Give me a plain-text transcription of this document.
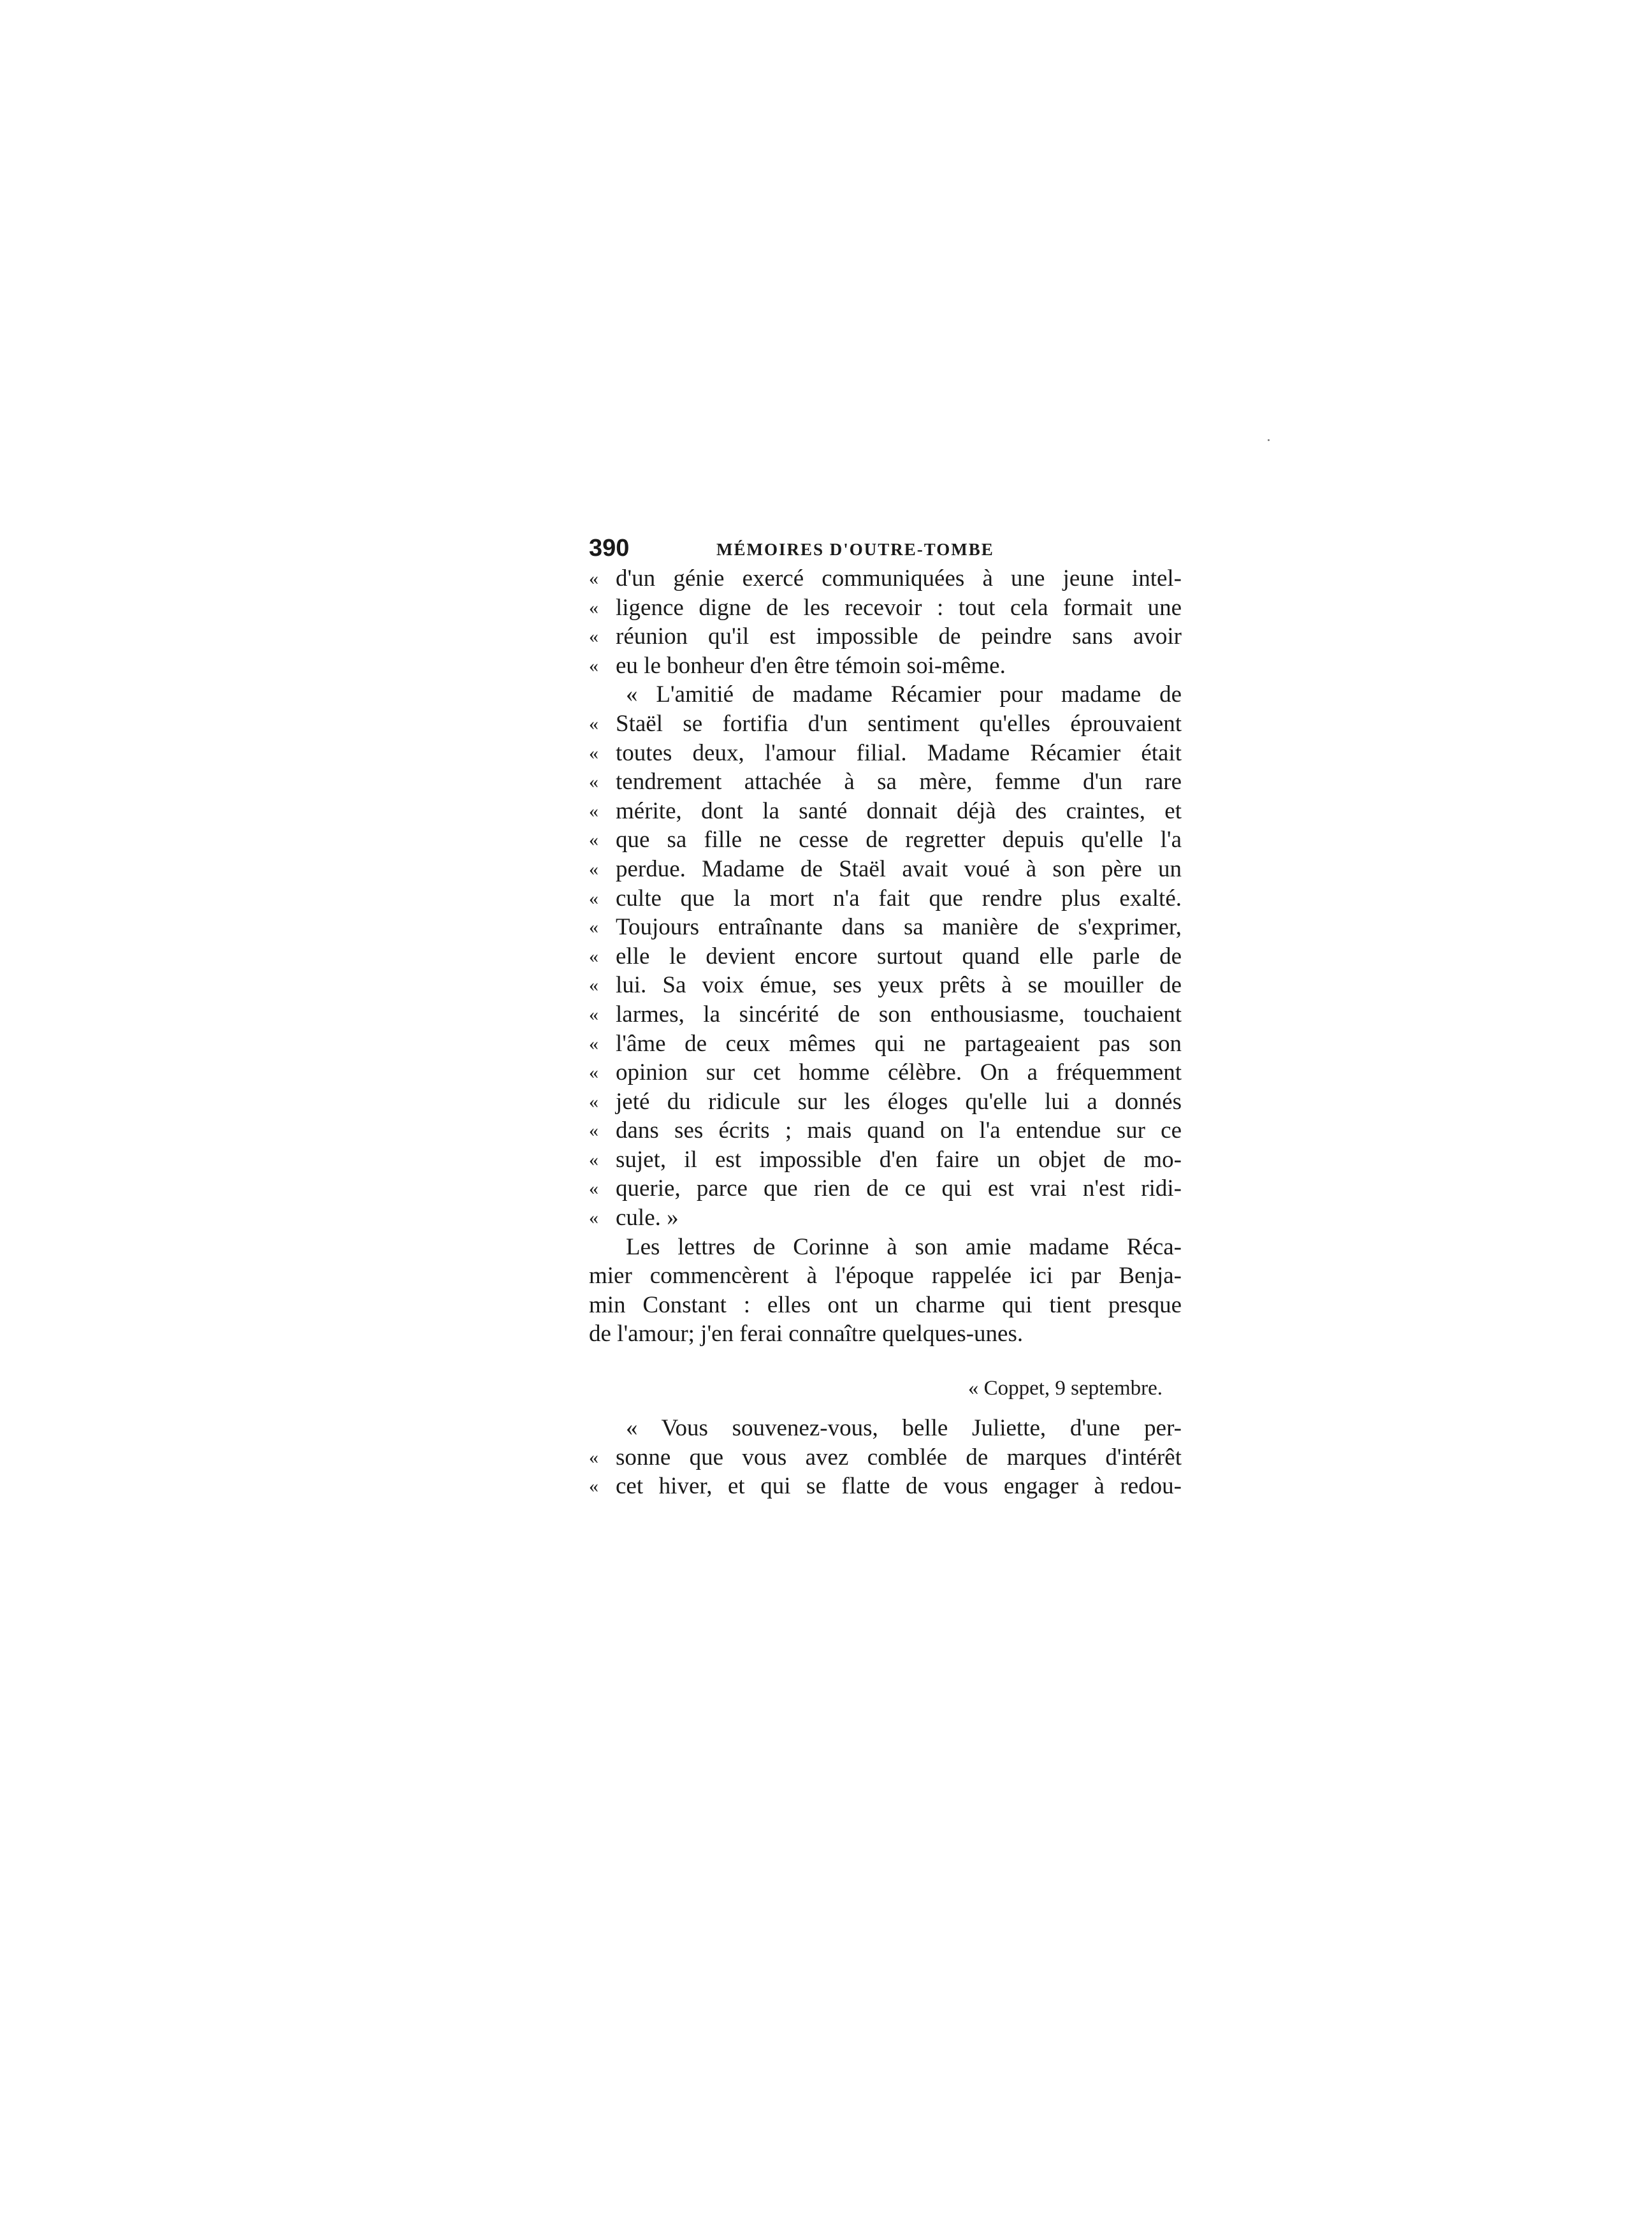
390	MÉMOIRES D'OUTRE-TOMBE
« d'un génie exercé communiquées à une jeune intel-
« ligence digne de les recevoir : tout cela formait une
« réunion qu'il est impossible de peindre sans avoir
« eu le bonheur d'en être témoin soi-même.
« L'amitié de madame Récamier pour madame de
« Staël se fortifia d'un sentiment qu'elles éprouvaient
« toutes deux, l'amour filial. Madame Récamier était
« tendrement attachée à sa mère, femme d'un rare
« mérite, dont la santé donnait déjà des craintes, et
« que sa fille ne cesse de regretter depuis qu'elle l'a
« perdue. Madame de Staël avait voué à son père un
« culte que la mort n'a fait que rendre plus exalté.
« Toujours entraînante dans sa manière de s'exprimer,
« elle le devient encore surtout quand elle parle de
« lui. Sa voix émue, ses yeux prêts à se mouiller de
« larmes, la sincérité de son enthousiasme, touchaient
« l'âme de ceux mêmes qui ne partageaient pas son
« opinion sur cet homme célèbre. On a fréquemment
« jeté du ridicule sur les éloges qu'elle lui a donnés
« dans ses écrits ; mais quand on l'a entendue sur ce
« sujet, il est impossible d'en faire un objet de mo-
« querie, parce que rien de ce qui est vrai n'est ridi-
« cule. »
Les lettres de Corinne à son amie madame Réca-
mier commencèrent à l'époque rappelée ici par Benja-
min Constant : elles ont un charme qui tient presque
de l'amour; j'en ferai connaître quelques-unes.
« Coppet, 9 septembre.
« Vous souvenez-vous, belle Juliette, d'une per-
« sonne que vous avez comblée de marques d'intérêt
« cet hiver, et qui se flatte de vous engager à redou-
